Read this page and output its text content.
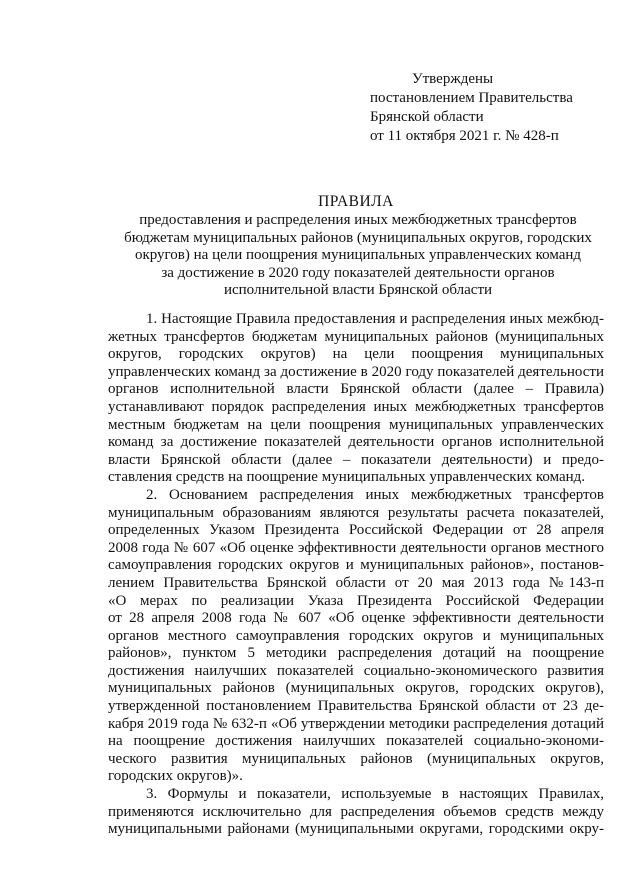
Утверждены
постановлением Правительства
Брянской области
от 11 октября 2021 г. № 428-п
ПРАВИЛА
предоставления и распределения иных межбюджетных трансфертов
бюджетам муниципальных районов (муниципальных округов, городских
округов) на цели поощрения муниципальных управленческих команд
за достижение в 2020 году показателей деятельности органов
исполнительной власти Брянской области
1. Настоящие Правила предоставления и распределения иных межбюд-
жетных трансфертов бюджетам муниципальных районов (муниципальных
округов, городских округов) на цели поощрения муниципальных
управленческих команд за достижение в 2020 году показателей деятельности
органов исполнительной власти Брянской области (далее – Правила)
устанавливают порядок распределения иных межбюджетных трансфертов
местным бюджетам на цели поощрения муниципальных управленческих
команд за достижение показателей деятельности органов исполнительной
власти Брянской области (далее – показатели деятельности) и предо-
ставления средств на поощрение муниципальных управленческих команд.
2. Основанием распределения иных межбюджетных трансфертов
муниципальным образованиям являются результаты расчета показателей,
определенных Указом Президента Российской Федерации от 28 апреля
2008 года № 607 «Об оценке эффективности деятельности органов местного
самоуправления городских округов и муниципальных районов», постанов-
лением Правительства Брянской области от 20 мая 2013 года №143-п
«О мерах по реализации Указа Президента Российской Федерации
от 28 апреля 2008 года № 607 «Об оценке эффективности деятельности
органов местного самоуправления городских округов и муниципальных
районов», пунктом 5 методики распределения дотаций на поощрение
достижения наилучших показателей социально-экономического развития
муниципальных районов (муниципальных округов, городских округов),
утвержденной постановлением Правительства Брянской области от 23 де-
кабря 2019 года № 632-п «Об утверждении методики распределения дотаций
на поощрение достижения наилучших показателей социально-экономи-
ческого развития муниципальных районов (муниципальных округов,
городских округов)».
3. Формулы и показатели, используемые в настоящих Правилах,
применяются исключительно для распределения объемов средств между
муниципальными районами (муниципальными округами, городскими окру-
